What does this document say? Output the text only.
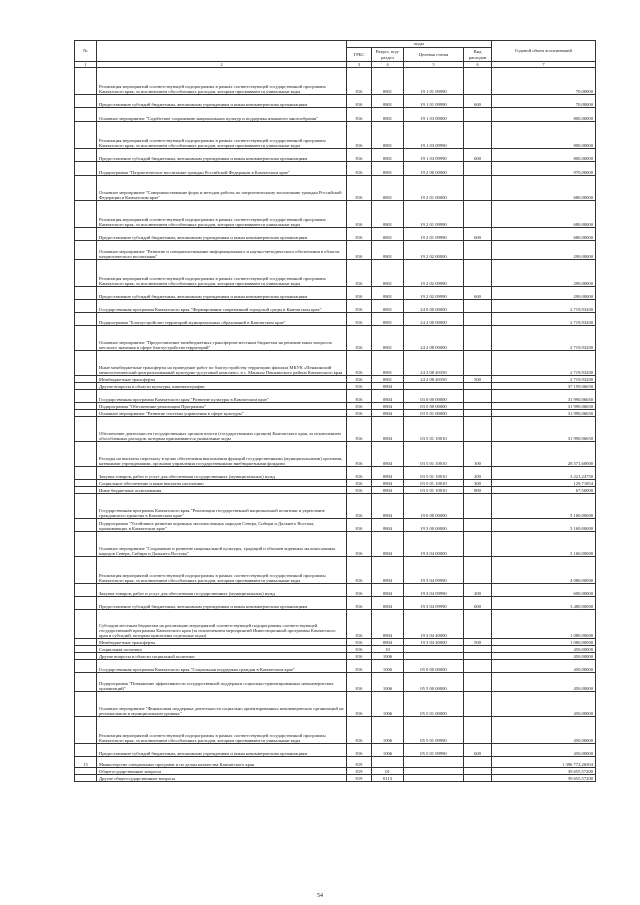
№		коды				Годовой объем ассигнований
		ГРБС	Раздел, под-раздел	Целевая статья	Вид расходов	
1	2	3	4	5	6	7
	Реализация мероприятий соответствующей подпрограммы в рамках соответствующей государственной программы Камчатского края, за исключением обособленных расходов, которым присваиваются уникальные коды	816	0801	19 1 01 09990		70,00000
	Предоставление субсидий бюджетным, автономным учреждениям и иным некоммерческим организациям	816	0801	19 1 01 09990	600	70,00000
	Основное мероприятие "Содействие сохранению национальных культур и поддержка языкового многообразия"	816	0801	19 1 03 00000		800,00000
	Реализация мероприятий соответствующей подпрограммы в рамках соответствующей государственной программы Камчатского края, за исключением обособленных расходов, которым присваиваются уникальные коды	816	0801	19 1 03 09990		800,00000
	Предоставление субсидий бюджетным, автономным учреждениям и иным некоммерческим организациям	816	0801	19 1 03 09990	600	800,00000
	Подпрограмма "Патриотическое воспитание граждан Российской Федерации в Камчатском крае"	816	0801	19 2 00 00000		970,00000
	Основное мероприятие "Совершенствование форм и методов работы по патриотическому воспитанию граждан Российской Федерации в Камчатском крае"	816	0801	19 2 01 00000		680,00000
	Реализация мероприятий соответствующей подпрограммы в рамках соответствующей государственной программы Камчатского края, за исключением обособленных расходов, которым присваиваются уникальные коды	816	0801	19 2 01 09990		680,00000
	Предоставление субсидий бюджетным, автономным учреждениям и иным некоммерческим организациям	816	0801	19 2 01 09990	600	680,00000
	Основное мероприятие "Развитие и совершенствование информационного и научно-методического обеспечения в области патриотического воспитания"	816	0801	19 2 02 00000		290,00000
	Реализация мероприятий соответствующей подпрограммы в рамках соответствующей государственной программы Камчатского края, за исключением обособленных расходов, которым присваиваются уникальные коды	816	0801	19 2 02 09990		290,00000
	Предоставление субсидий бюджетным, автономным учреждениям и иным некоммерческим организациям	816	0801	19 2 02 09990	600	290,00000
	Государственная программа Камчатского края "Формирование современной городской среды в Камчатском крае"	816	0801	24 0 00 00000		2 719,93200
	Подпрограмма "Благоустройство территорий муниципальных образований в Камчатском крае"	816	0801	24 2 00 00000		2 719,93200
	Основное мероприятие "Предоставление межбюджетных трансфертов местным бюджетам на решение иных вопросов местного значения в сфере благоустройства территорий"	816	0801	24 2 08 00000		2 719,93200
	Иные межбюджетные трансферты на проведение работ по благоустройству территории филиала МКУК «Пенжинский межпоселенческий централизованный культурно-досуговый комплекс» в с. Манилы Пенжинского района Камчатского края	816	0801	24 2 08 40350		2 719,93200
	Межбюджетные трансферты	816	0801	24 2 08 40350	500	2 719,93200
	Другие вопросы в области культуры, кинематографии	816	0804			37 159,06650
	Государственная программа Камчатского края "Развитие культуры в Камчатском крае"	816	0804	03 0 00 00000		31 990,06650
	Подпрограмма "Обеспечение реализации Программы"	816	0804	03 5 00 00000		31 990,06650
	Основное мероприятие "Развитие системы управления в сфере культуры"	816	0804	03 5 01 00000		31 990,06650
	Обеспечение деятельности государственных органов власти (государственных органов) Камчатского края, за исключением обособленных расходов, которым присваиваются уникальные коды	816	0804	03 5 01 10010		31 990,06650
	Расходы на выплаты персоналу в целях обеспечения выполнения функций государственными (муниципальными) органами, казенными учреждениями, органами управления государственными внебюджетными фондами	816	0804	03 5 01 10010	100	28 571,60000
	Закупка товаров, работ и услуг для обеспечения государственных (муниципальных) нужд	816	0804	03 5 01 10010	200	3 221,24750
	Социальное обеспечение и иные выплаты населению	816	0804	03 5 01 10010	300	129,71854
	Иные бюджетные ассигнования	816	0804	03 5 01 10010	800	67,50000
	Государственная программа Камчатского края "Реализация государственной национальной политики и укрепление гражданского единства в Камчатском крае"	816	0804	19 0 00 00000		5 160,00000
	Подпрограмма "Устойчивое развитие коренных малочисленных народов Севера, Сибири и Дальнего Востока, проживающих в Камчатском крае"	816	0804	19 3 00 00000		5 160,00000
	Основное мероприятие "Сохранение и развитие национальной культуры, традиций и обычаев коренных малочисленных народов Севера, Сибири и Дальнего Востока"	816	0804	19 3 04 00000		5 160,00000
	Реализация мероприятий соответствующей подпрограммы в рамках соответствующей государственной программы Камчатского края, за исключением обособленных расходов, которым присваиваются уникальные коды	816	0804	19 3 04 09990		4 080,00000
	Закупка товаров, работ и услуг для обеспечения государственных (муниципальных) нужд	816	0804	19 3 04 09990	200	600,00000
	Предоставление субсидий бюджетным, автономным учреждениям и иным некоммерческим организациям	816	0804	19 3 04 09990	600	3 480,00000
	Субсидии местным бюджетам на реализацию мероприятий соответствующей подпрограммы соответствующей государственной программы Камчатского края (за исключением мероприятий Инвестиционной программы Камчатского края и субсидий, которым присвоены отдельные коды)	816	0804	19 3 04 40000		1 080,00000
	Межбюджетные трансферты	816	0804	19 3 04 40000	500	1 080,00000
	Социальная политика	816	10			450,00000
	Другие вопросы в области социальной политики	816	1006			450,00000
	Государственная программа Камчатского края "Социальная поддержка граждан в Камчатском крае"	816	1006	05 0 00 00000		450,00000
	Подпрограмма "Повышение эффективности государственной поддержки социально-ориентированных некоммерческих организаций"	816	1006	05 5 00 00000		450,00000
	Основное мероприятие "Финансовая поддержка деятельности социально ориентированных некоммерческих организаций на региональном и муниципальном уровнях"	816	1006	05 5 01 00000		450,00000
	Реализация мероприятий соответствующей подпрограммы в рамках соответствующей государственной программы Камчатского края, за исключением обособленных расходов, которым присваиваются уникальные коды	816	1006	05 5 01 09990		450,00000
	Предоставление субсидий бюджетным, автономным учреждениям и иным некоммерческим организациям	816	1006	05 5 01 09990	600	450,00000
15	Министерство специальных программ и по делам казачества Камчатского края	819				1 396 772,26504
	Общегосударственные вопросы	819	01			39 655,57200
	Другие общегосударственные вопросы	819	0113			39 655,57200
54
